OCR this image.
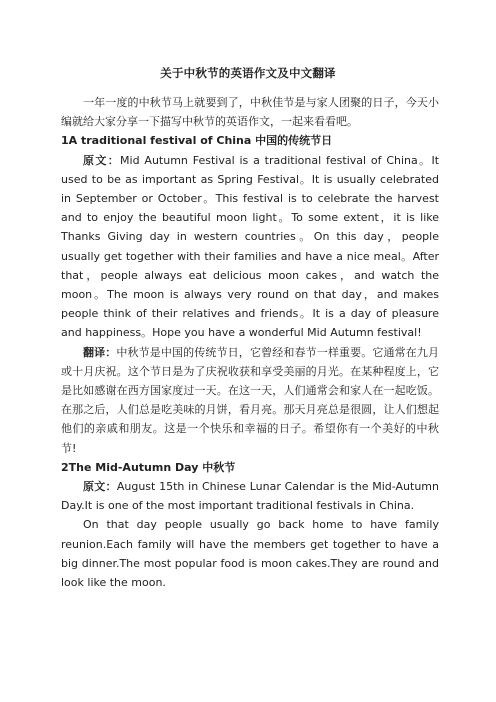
关于中秋节的英语作文及中文翻译

一年一度的中秋节马上就要到了，中秋佳节是与家人团聚的日子，今天小编就给大家分享一下描写中秋节的英语作文，一起来看看吧。

1A traditional festival of China 中国的传统节日

原文：Mid Autumn Festival is a traditional festival of China。It used to be as important as Spring Festival。It is usually celebrated in September or October。This festival is to celebrate the harvest and to enjoy the beautiful moon light。To some extent，it is like Thanks Giving day in western countries。On this day，people usually get together with their families and have a nice meal。After that，people always eat delicious moon cakes，and watch the moon。The moon is always very round on that day，and makes people think of their relatives and friends。It is a day of pleasure and happiness。Hope you have a wonderful Mid Autumn festival!

翻译：中秋节是中国的传统节日，它曾经和春节一样重要。它通常在九月或十月庆祝。这个节日是为了庆祝收获和享受美丽的月光。在某种程度上，它是比如感谢在西方国家度过一天。在这一天，人们通常会和家人在一起吃饭。在那之后，人们总是吃美味的月饼，看月亮。那天月亮总是很圆，让人们想起他们的亲戚和朋友。这是一个快乐和幸福的日子。希望你有一个美好的中秋节!

2The Mid-Autumn Day 中秋节

原文：August 15th in Chinese Lunar Calendar is the Mid-Autumn Day.It is one of the most important traditional festivals in China.

On that day people usually go back home to have family reunion.Each family will have the members get together to have a big dinner.The most popular food is moon cakes.They are round and look like the moon.
